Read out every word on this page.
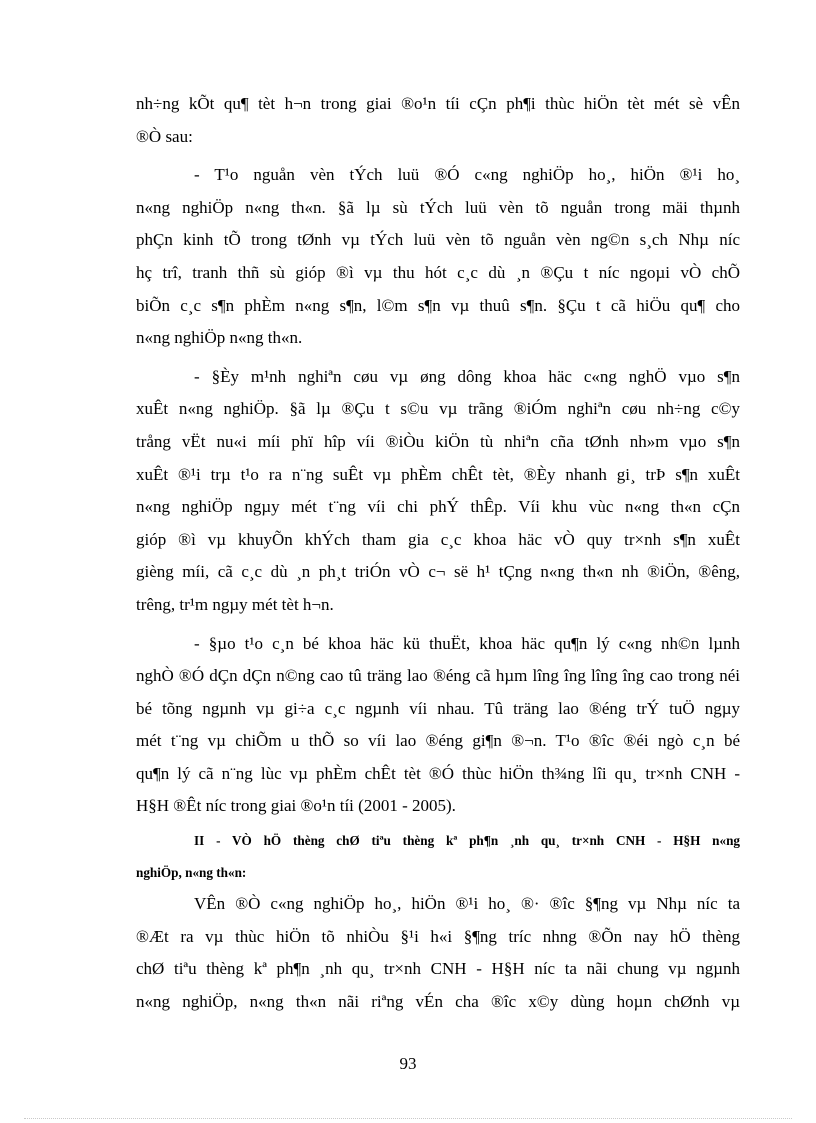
nh÷ng kÕt qu¶ tèt h¬n trong giai ®o¹n tíi cÇn ph¶i thùc hiÖn tèt mét sè vÊn
®Ò sau:

- T¹o nguån vèn tÝch luü ®Ó c«ng nghiÖp ho¸, hiÖn ®¹i ho¸
n«ng nghiÖp n«ng th«n. §ã lµ sù tÝch luü vèn tõ nguån trong mäi thµnh
phÇn kinh tÕ trong tØnh vµ tÝch luü vèn tõ nguån vèn ng©n s¸ch Nhµ níc
hç trî, tranh thñ sù gióp ®ì vµ thu hót c¸c dù ¸n ®Çu t níc ngoµi vÒ chÕ
biÕn c¸c s¶n phÈm n«ng s¶n, l©m s¶n vµ thuû s¶n. §Çu t cã hiÖu qu¶ cho
n«ng nghiÖp n«ng th«n.

- §Èy m¹nh nghiªn cøu vµ øng dông khoa häc c«ng nghÖ vµo s¶n
xuÊt n«ng nghiÖp. §ã lµ ®Çu t s©u vµ trãng ®iÓm nghiªn cøu nh÷ng c©y
trång vËt nu«i míi phï hîp víi ®iÒu kiÖn tù nhiªn cña tØnh nh»m vµo s¶n
xuÊt ®¹i trµ t¹o ra n¨ng suÊt vµ phÈm chÊt tèt, ®Èy nhanh gi¸ trÞ s¶n xuÊt
n«ng nghiÖp ngµy mét t¨ng víi chi phÝ thÊp. Víi khu vùc n«ng th«n cÇn
gióp ®ì vµ khuyÕn khÝch tham gia c¸c khoa häc vÒ quy tr×nh s¶n xuÊt
gièng míi, cã c¸c dù ¸n ph¸t triÓn vÒ c¬ së h¹ tÇng n«ng th«n nh ®iÖn, ®êng,
trêng, tr¹m ngµy mét tèt h¬n.

- §µo t¹o c¸n bé khoa häc kü thuËt, khoa häc qu¶n lý c«ng nh©n lµnh
nghÒ ®Ó dÇn dÇn n©ng cao tû träng lao ®éng cã hµm lîng îng lîng îng cao trong néi
bé tõng ngµnh vµ gi÷a c¸c ngµnh víi nhau. Tû träng lao ®éng trÝ tuÖ ngµy
mét t¨ng vµ chiÕm u thÕ so víi lao ®éng gi¶n ®¬n. T¹o ®îc ®éi ngò c¸n bé
qu¶n lý cã n¨ng lùc vµ phÈm chÊt tèt ®Ó thùc hiÖn th¾ng lîi qu¸ tr×nh CNH -
H§H ®Êt níc trong giai ®o¹n tíi (2001 - 2005).

II - VÒ hÖ thèng chØ tiªu thèng kª ph¶n ¸nh qu¸ tr×nh CNH - H§H n«ng
nghiÖp, n«ng th«n:

VÊn ®Ò c«ng nghiÖp ho¸, hiÖn ®¹i ho¸ ®· ®îc §¶ng vµ Nhµ níc ta
®Æt ra vµ thùc hiÖn tõ nhiÒu §¹i h«i §¶ng tríc nhng ®Õn nay hÖ thèng
chØ tiªu thèng kª ph¶n ¸nh qu¸ tr×nh CNH - H§H níc ta nãi chung vµ ngµnh
n«ng nghiÖp, n«ng th«n nãi riªng vÉn cha ®îc x©y dùng hoµn chØnh vµ

93
